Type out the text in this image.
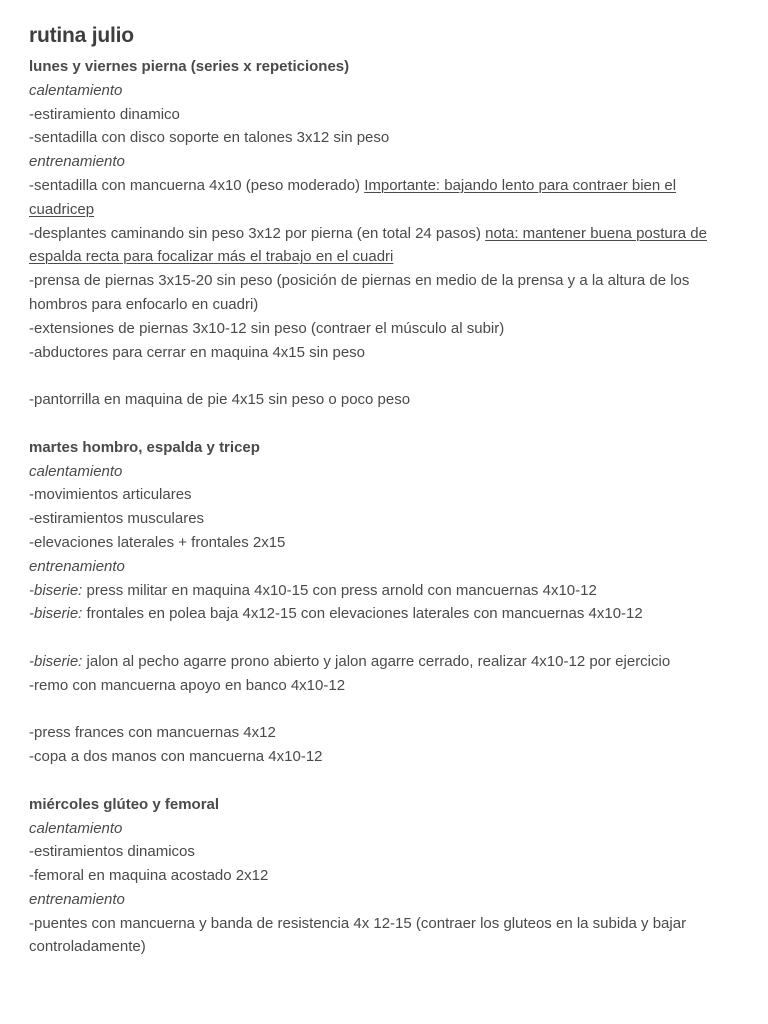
rutina julio
lunes y viernes pierna (series x repeticiones)
calentamiento
-estiramiento dinamico
-sentadilla con disco soporte en talones 3x12 sin peso
entrenamiento
-sentadilla con mancuerna 4x10 (peso moderado) Importante: bajando lento para contraer bien el cuadricep
-desplantes caminando sin peso 3x12 por pierna (en total 24 pasos) nota: mantener buena postura de espalda recta para focalizar más el trabajo en el cuadri
-prensa de piernas 3x15-20 sin peso (posición de piernas en medio de la prensa y a la altura de los hombros para enfocarlo en cuadri)
-extensiones de piernas 3x10-12 sin peso (contraer el músculo al subir)
-abductores para cerrar en maquina 4x15 sin peso
-pantorrilla en maquina de pie 4x15 sin peso o poco peso
martes hombro, espalda y tricep
calentamiento
-movimientos articulares
-estiramientos musculares
-elevaciones laterales + frontales 2x15
entrenamiento
-biserie: press militar en maquina 4x10-15 con press arnold con mancuernas 4x10-12
-biserie: frontales en polea baja 4x12-15 con elevaciones laterales con mancuernas 4x10-12
-biserie: jalon al pecho agarre prono abierto y jalon agarre cerrado, realizar 4x10-12 por ejercicio
-remo con mancuerna apoyo en banco 4x10-12
-press frances con mancuernas 4x12
-copa a dos manos con mancuerna 4x10-12
miércoles glúteo y femoral
calentamiento
-estiramientos dinamicos
-femoral en maquina acostado 2x12
entrenamiento
-puentes con mancuerna y banda de resistencia 4x 12-15 (contraer los gluteos en la subida y bajar controladamente)
